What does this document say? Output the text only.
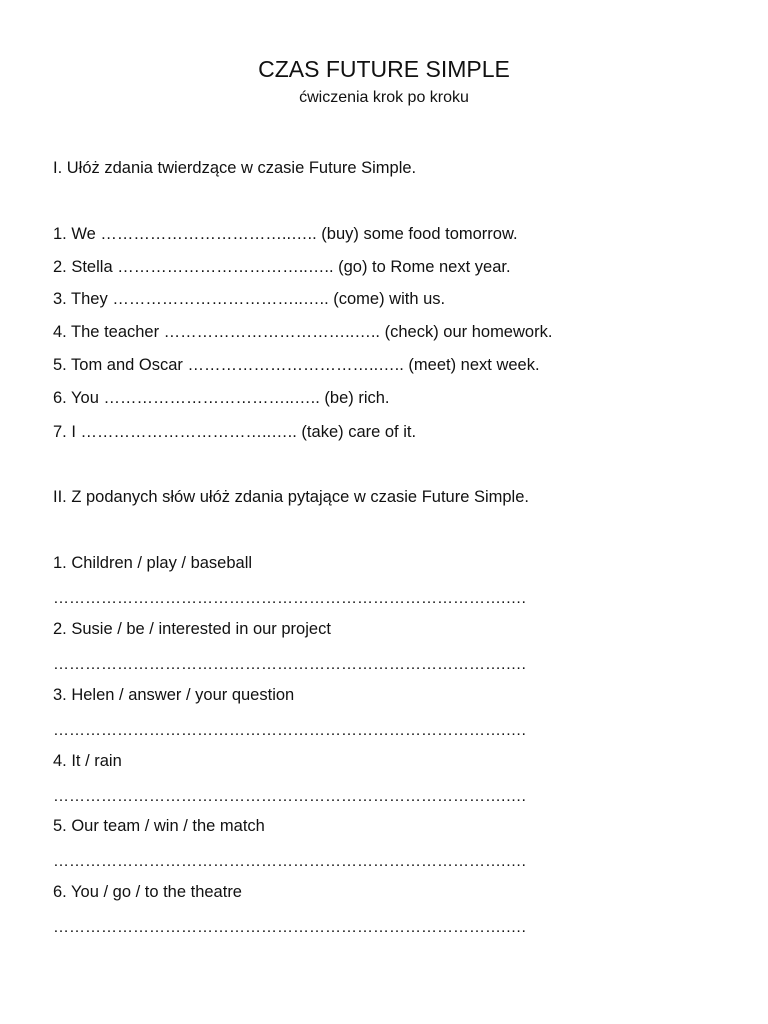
CZAS FUTURE SIMPLE
ćwiczenia krok po kroku
I. Ułóż zdania twierdzące w czasie Future Simple.
1. We ……………………………..….. (buy) some food tomorrow.
2. Stella ……………………………..….. (go) to Rome next year.
3. They ……………………………..….. (come) with us.
4. The teacher ……………………………..….. (check) our homework.
5. Tom and Oscar ……………………………..….. (meet) next week.
6. You ……………………………..….. (be) rich.
7. I ……………………………..….. (take) care of it.
II. Z podanych słów ułóż zdania pytające w czasie Future Simple.
1. Children / play / baseball
………………………………………………………………………….….
2. Susie / be / interested in our project
………………………………………………………………………….….
3. Helen / answer / your question
………………………………………………………………………….….
4. It / rain
………………………………………………………………………….….
5. Our team / win / the match
………………………………………………………………………….….
6. You / go / to the theatre
………………………………………………………………………….….
